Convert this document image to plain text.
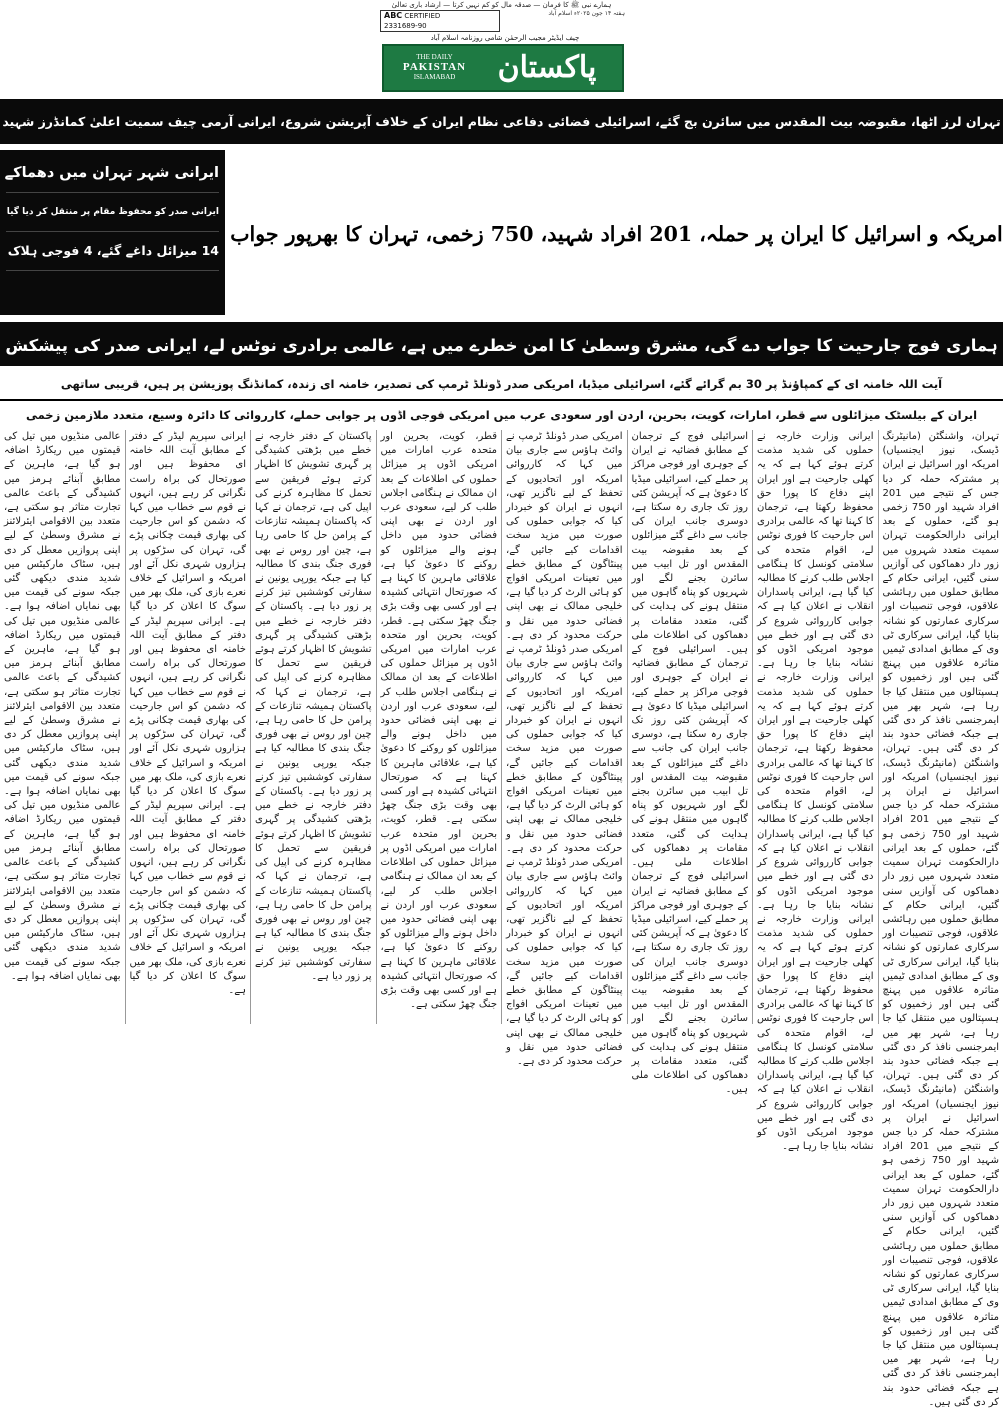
ہمارے نبی ﷺ کا فرمان — صدقہ مال کو کم نہیں کرتا — ارشاد باری تعالیٰ
ABC CERTIFIED
2331689-90
ہفتہ ۱۴ جون ۲۰۲۵ء اسلام آباد
چیف ایڈیٹر مجیب الرحمٰن شامی روزنامہ اسلام آباد
پاکستان
THE DAILY
PAKISTAN
ISLAMABAD
تہران لرز اٹھا، مقبوضہ بیت المقدس میں سائرن بج گئے، اسرائیلی فضائی دفاعی نظام ایران کے خلاف آپریشن شروع، ایرانی آرمی چیف سمیت اعلیٰ کمانڈرز شہید
ایرانی شہر تہران میں دھماکے
ایرانی صدر کو محفوظ مقام پر منتقل کر دیا گیا
14 میزائل داغے گئے، 4 فوجی ہلاک
امریکہ و اسرائیل کا ایران پر حملہ، 201 افراد شہید، 750 زخمی، تہران کا بھرپور جواب
ہماری فوج جارحیت کا جواب دے گی، مشرق وسطیٰ کا امن خطرے میں ہے، عالمی برادری نوٹس لے، ایرانی صدر کی پیشکش
آیت اللہ خامنہ ای کے کمپاؤنڈ پر 30 بم گرائے گئے، اسرائیلی میڈیا، امریکی صدر ڈونلڈ ٹرمپ کی تصدیر، خامنہ ای زندہ، کمانڈنگ پوزیشن پر ہیں، قریبی ساتھی
ایران کے بیلسٹک میزائلوں سے قطر، امارات، کویت، بحرین، اردن اور سعودی عرب میں امریکی فوجی اڈوں پر جوابی حملے، کارروائی کا دائرہ وسیع، متعدد ملازمین زخمی
تہران، واشنگٹن (مانیٹرنگ ڈیسک، نیوز ایجنسیاں) امریکہ اور اسرائیل نے ایران پر مشترکہ حملہ کر دیا جس کے نتیجے میں 201 افراد شہید اور 750 زخمی ہو گئے، حملوں کے بعد ایرانی دارالحکومت تہران سمیت متعدد شہروں میں زور دار دھماکوں کی آوازیں سنی گئیں، ایرانی حکام کے مطابق حملوں میں رہائشی علاقوں، فوجی تنصیبات اور سرکاری عمارتوں کو نشانہ بنایا گیا، ایرانی سرکاری ٹی وی کے مطابق امدادی ٹیمیں متاثرہ علاقوں میں پہنچ گئی ہیں اور زخمیوں کو ہسپتالوں میں منتقل کیا جا رہا ہے، شہر بھر میں ایمرجنسی نافذ کر دی گئی ہے جبکہ فضائی حدود بند کر دی گئی ہیں۔ تہران، واشنگٹن (مانیٹرنگ ڈیسک، نیوز ایجنسیاں) امریکہ اور اسرائیل نے ایران پر مشترکہ حملہ کر دیا جس کے نتیجے میں 201 افراد شہید اور 750 زخمی ہو گئے، حملوں کے بعد ایرانی دارالحکومت تہران سمیت متعدد شہروں میں زور دار دھماکوں کی آوازیں سنی گئیں، ایرانی حکام کے مطابق حملوں میں رہائشی علاقوں، فوجی تنصیبات اور سرکاری عمارتوں کو نشانہ بنایا گیا، ایرانی سرکاری ٹی وی کے مطابق امدادی ٹیمیں متاثرہ علاقوں میں پہنچ گئی ہیں اور زخمیوں کو ہسپتالوں میں منتقل کیا جا رہا ہے، شہر بھر میں ایمرجنسی نافذ کر دی گئی ہے جبکہ فضائی حدود بند کر دی گئی ہیں۔ تہران، واشنگٹن (مانیٹرنگ ڈیسک، نیوز ایجنسیاں) امریکہ اور اسرائیل نے ایران پر مشترکہ حملہ کر دیا جس کے نتیجے میں 201 افراد شہید اور 750 زخمی ہو گئے، حملوں کے بعد ایرانی دارالحکومت تہران سمیت متعدد شہروں میں زور دار دھماکوں کی آوازیں سنی گئیں، ایرانی حکام کے مطابق حملوں میں رہائشی علاقوں، فوجی تنصیبات اور سرکاری عمارتوں کو نشانہ بنایا گیا، ایرانی سرکاری ٹی وی کے مطابق امدادی ٹیمیں متاثرہ علاقوں میں پہنچ گئی ہیں اور زخمیوں کو ہسپتالوں میں منتقل کیا جا رہا ہے، شہر بھر میں ایمرجنسی نافذ کر دی گئی ہے جبکہ فضائی حدود بند کر دی گئی ہیں۔
ایرانی وزارت خارجہ نے حملوں کی شدید مذمت کرتے ہوئے کہا ہے کہ یہ کھلی جارحیت ہے اور ایران اپنے دفاع کا پورا حق محفوظ رکھتا ہے، ترجمان کا کہنا تھا کہ عالمی برادری اس جارحیت کا فوری نوٹس لے، اقوام متحدہ کی سلامتی کونسل کا ہنگامی اجلاس طلب کرنے کا مطالبہ کیا گیا ہے، ایرانی پاسداران انقلاب نے اعلان کیا ہے کہ جوابی کارروائی شروع کر دی گئی ہے اور خطے میں موجود امریکی اڈوں کو نشانہ بنایا جا رہا ہے۔ ایرانی وزارت خارجہ نے حملوں کی شدید مذمت کرتے ہوئے کہا ہے کہ یہ کھلی جارحیت ہے اور ایران اپنے دفاع کا پورا حق محفوظ رکھتا ہے، ترجمان کا کہنا تھا کہ عالمی برادری اس جارحیت کا فوری نوٹس لے، اقوام متحدہ کی سلامتی کونسل کا ہنگامی اجلاس طلب کرنے کا مطالبہ کیا گیا ہے، ایرانی پاسداران انقلاب نے اعلان کیا ہے کہ جوابی کارروائی شروع کر دی گئی ہے اور خطے میں موجود امریکی اڈوں کو نشانہ بنایا جا رہا ہے۔ ایرانی وزارت خارجہ نے حملوں کی شدید مذمت کرتے ہوئے کہا ہے کہ یہ کھلی جارحیت ہے اور ایران اپنے دفاع کا پورا حق محفوظ رکھتا ہے، ترجمان کا کہنا تھا کہ عالمی برادری اس جارحیت کا فوری نوٹس لے، اقوام متحدہ کی سلامتی کونسل کا ہنگامی اجلاس طلب کرنے کا مطالبہ کیا گیا ہے، ایرانی پاسداران انقلاب نے اعلان کیا ہے کہ جوابی کارروائی شروع کر دی گئی ہے اور خطے میں موجود امریکی اڈوں کو نشانہ بنایا جا رہا ہے۔
اسرائیلی فوج کے ترجمان کے مطابق فضائیہ نے ایران کے جوہری اور فوجی مراکز پر حملے کیے، اسرائیلی میڈیا کا دعویٰ ہے کہ آپریشن کئی روز تک جاری رہ سکتا ہے، دوسری جانب ایران کی جانب سے داغے گئے میزائلوں کے بعد مقبوضہ بیت المقدس اور تل ابیب میں سائرن بجنے لگے اور شہریوں کو پناہ گاہوں میں منتقل ہونے کی ہدایت کی گئی، متعدد مقامات پر دھماکوں کی اطلاعات ملی ہیں۔ اسرائیلی فوج کے ترجمان کے مطابق فضائیہ نے ایران کے جوہری اور فوجی مراکز پر حملے کیے، اسرائیلی میڈیا کا دعویٰ ہے کہ آپریشن کئی روز تک جاری رہ سکتا ہے، دوسری جانب ایران کی جانب سے داغے گئے میزائلوں کے بعد مقبوضہ بیت المقدس اور تل ابیب میں سائرن بجنے لگے اور شہریوں کو پناہ گاہوں میں منتقل ہونے کی ہدایت کی گئی، متعدد مقامات پر دھماکوں کی اطلاعات ملی ہیں۔ اسرائیلی فوج کے ترجمان کے مطابق فضائیہ نے ایران کے جوہری اور فوجی مراکز پر حملے کیے، اسرائیلی میڈیا کا دعویٰ ہے کہ آپریشن کئی روز تک جاری رہ سکتا ہے، دوسری جانب ایران کی جانب سے داغے گئے میزائلوں کے بعد مقبوضہ بیت المقدس اور تل ابیب میں سائرن بجنے لگے اور شہریوں کو پناہ گاہوں میں منتقل ہونے کی ہدایت کی گئی، متعدد مقامات پر دھماکوں کی اطلاعات ملی ہیں۔
امریکی صدر ڈونلڈ ٹرمپ نے وائٹ ہاؤس سے جاری بیان میں کہا کہ کارروائی امریکہ اور اتحادیوں کے تحفظ کے لیے ناگزیر تھی، انہوں نے ایران کو خبردار کیا کہ جوابی حملوں کی صورت میں مزید سخت اقدامات کیے جائیں گے، پینٹاگون کے مطابق خطے میں تعینات امریکی افواج کو ہائی الرٹ کر دیا گیا ہے، خلیجی ممالک نے بھی اپنی فضائی حدود میں نقل و حرکت محدود کر دی ہے۔ امریکی صدر ڈونلڈ ٹرمپ نے وائٹ ہاؤس سے جاری بیان میں کہا کہ کارروائی امریکہ اور اتحادیوں کے تحفظ کے لیے ناگزیر تھی، انہوں نے ایران کو خبردار کیا کہ جوابی حملوں کی صورت میں مزید سخت اقدامات کیے جائیں گے، پینٹاگون کے مطابق خطے میں تعینات امریکی افواج کو ہائی الرٹ کر دیا گیا ہے، خلیجی ممالک نے بھی اپنی فضائی حدود میں نقل و حرکت محدود کر دی ہے۔ امریکی صدر ڈونلڈ ٹرمپ نے وائٹ ہاؤس سے جاری بیان میں کہا کہ کارروائی امریکہ اور اتحادیوں کے تحفظ کے لیے ناگزیر تھی، انہوں نے ایران کو خبردار کیا کہ جوابی حملوں کی صورت میں مزید سخت اقدامات کیے جائیں گے، پینٹاگون کے مطابق خطے میں تعینات امریکی افواج کو ہائی الرٹ کر دیا گیا ہے، خلیجی ممالک نے بھی اپنی فضائی حدود میں نقل و حرکت محدود کر دی ہے۔
قطر، کویت، بحرین اور متحدہ عرب امارات میں امریکی اڈوں پر میزائل حملوں کی اطلاعات کے بعد ان ممالک نے ہنگامی اجلاس طلب کر لیے، سعودی عرب اور اردن نے بھی اپنی فضائی حدود میں داخل ہونے والے میزائلوں کو روکنے کا دعویٰ کیا ہے، علاقائی ماہرین کا کہنا ہے کہ صورتحال انتہائی کشیدہ ہے اور کسی بھی وقت بڑی جنگ چھڑ سکتی ہے۔ قطر، کویت، بحرین اور متحدہ عرب امارات میں امریکی اڈوں پر میزائل حملوں کی اطلاعات کے بعد ان ممالک نے ہنگامی اجلاس طلب کر لیے، سعودی عرب اور اردن نے بھی اپنی فضائی حدود میں داخل ہونے والے میزائلوں کو روکنے کا دعویٰ کیا ہے، علاقائی ماہرین کا کہنا ہے کہ صورتحال انتہائی کشیدہ ہے اور کسی بھی وقت بڑی جنگ چھڑ سکتی ہے۔ قطر، کویت، بحرین اور متحدہ عرب امارات میں امریکی اڈوں پر میزائل حملوں کی اطلاعات کے بعد ان ممالک نے ہنگامی اجلاس طلب کر لیے، سعودی عرب اور اردن نے بھی اپنی فضائی حدود میں داخل ہونے والے میزائلوں کو روکنے کا دعویٰ کیا ہے، علاقائی ماہرین کا کہنا ہے کہ صورتحال انتہائی کشیدہ ہے اور کسی بھی وقت بڑی جنگ چھڑ سکتی ہے۔
پاکستان کے دفتر خارجہ نے خطے میں بڑھتی کشیدگی پر گہری تشویش کا اظہار کرتے ہوئے فریقین سے تحمل کا مظاہرہ کرنے کی اپیل کی ہے، ترجمان نے کہا کہ پاکستان ہمیشہ تنازعات کے پرامن حل کا حامی رہا ہے، چین اور روس نے بھی فوری جنگ بندی کا مطالبہ کیا ہے جبکہ یورپی یونین نے سفارتی کوششیں تیز کرنے پر زور دیا ہے۔ پاکستان کے دفتر خارجہ نے خطے میں بڑھتی کشیدگی پر گہری تشویش کا اظہار کرتے ہوئے فریقین سے تحمل کا مظاہرہ کرنے کی اپیل کی ہے، ترجمان نے کہا کہ پاکستان ہمیشہ تنازعات کے پرامن حل کا حامی رہا ہے، چین اور روس نے بھی فوری جنگ بندی کا مطالبہ کیا ہے جبکہ یورپی یونین نے سفارتی کوششیں تیز کرنے پر زور دیا ہے۔ پاکستان کے دفتر خارجہ نے خطے میں بڑھتی کشیدگی پر گہری تشویش کا اظہار کرتے ہوئے فریقین سے تحمل کا مظاہرہ کرنے کی اپیل کی ہے، ترجمان نے کہا کہ پاکستان ہمیشہ تنازعات کے پرامن حل کا حامی رہا ہے، چین اور روس نے بھی فوری جنگ بندی کا مطالبہ کیا ہے جبکہ یورپی یونین نے سفارتی کوششیں تیز کرنے پر زور دیا ہے۔
ایرانی سپریم لیڈر کے دفتر کے مطابق آیت اللہ خامنہ ای محفوظ ہیں اور صورتحال کی براہ راست نگرانی کر رہے ہیں، انہوں نے قوم سے خطاب میں کہا کہ دشمن کو اس جارحیت کی بھاری قیمت چکانی پڑے گی، تہران کی سڑکوں پر ہزاروں شہری نکل آئے اور امریکہ و اسرائیل کے خلاف نعرے بازی کی، ملک بھر میں سوگ کا اعلان کر دیا گیا ہے۔ ایرانی سپریم لیڈر کے دفتر کے مطابق آیت اللہ خامنہ ای محفوظ ہیں اور صورتحال کی براہ راست نگرانی کر رہے ہیں، انہوں نے قوم سے خطاب میں کہا کہ دشمن کو اس جارحیت کی بھاری قیمت چکانی پڑے گی، تہران کی سڑکوں پر ہزاروں شہری نکل آئے اور امریکہ و اسرائیل کے خلاف نعرے بازی کی، ملک بھر میں سوگ کا اعلان کر دیا گیا ہے۔ ایرانی سپریم لیڈر کے دفتر کے مطابق آیت اللہ خامنہ ای محفوظ ہیں اور صورتحال کی براہ راست نگرانی کر رہے ہیں، انہوں نے قوم سے خطاب میں کہا کہ دشمن کو اس جارحیت کی بھاری قیمت چکانی پڑے گی، تہران کی سڑکوں پر ہزاروں شہری نکل آئے اور امریکہ و اسرائیل کے خلاف نعرے بازی کی، ملک بھر میں سوگ کا اعلان کر دیا گیا ہے۔
عالمی منڈیوں میں تیل کی قیمتوں میں ریکارڈ اضافہ ہو گیا ہے، ماہرین کے مطابق آبنائے ہرمز میں کشیدگی کے باعث عالمی تجارت متاثر ہو سکتی ہے، متعدد بین الاقوامی ایئرلائنز نے مشرق وسطیٰ کے لیے اپنی پروازیں معطل کر دی ہیں، سٹاک مارکیٹس میں شدید مندی دیکھی گئی جبکہ سونے کی قیمت میں بھی نمایاں اضافہ ہوا ہے۔ عالمی منڈیوں میں تیل کی قیمتوں میں ریکارڈ اضافہ ہو گیا ہے، ماہرین کے مطابق آبنائے ہرمز میں کشیدگی کے باعث عالمی تجارت متاثر ہو سکتی ہے، متعدد بین الاقوامی ایئرلائنز نے مشرق وسطیٰ کے لیے اپنی پروازیں معطل کر دی ہیں، سٹاک مارکیٹس میں شدید مندی دیکھی گئی جبکہ سونے کی قیمت میں بھی نمایاں اضافہ ہوا ہے۔ عالمی منڈیوں میں تیل کی قیمتوں میں ریکارڈ اضافہ ہو گیا ہے، ماہرین کے مطابق آبنائے ہرمز میں کشیدگی کے باعث عالمی تجارت متاثر ہو سکتی ہے، متعدد بین الاقوامی ایئرلائنز نے مشرق وسطیٰ کے لیے اپنی پروازیں معطل کر دی ہیں، سٹاک مارکیٹس میں شدید مندی دیکھی گئی جبکہ سونے کی قیمت میں بھی نمایاں اضافہ ہوا ہے۔
